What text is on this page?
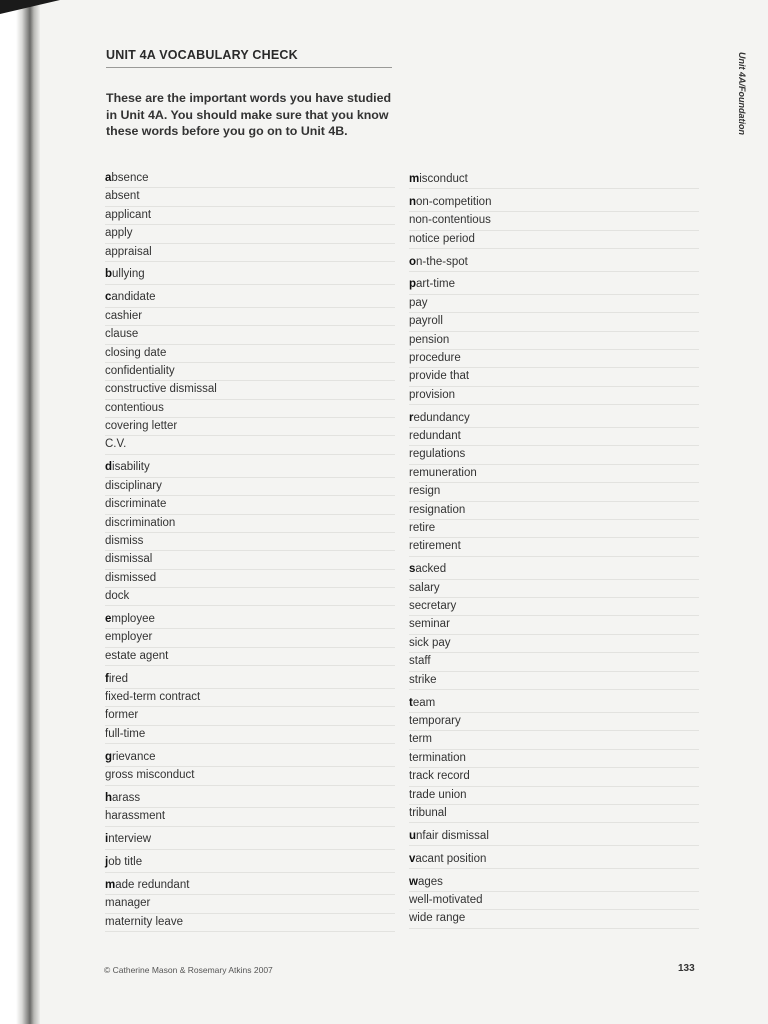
UNIT 4A VOCABULARY CHECK
These are the important words you have studied in Unit 4A. You should make sure that you know these words before you go on to Unit 4B.	Unit 4A/Foundation
absence
absent
applicant
apply
appraisal
bullying
candidate
cashier
clause
closing date
confidentiality
constructive dismissal
contentious
covering letter
C.V.
disability
disciplinary
discriminate
discrimination
dismiss
dismissal
dismissed
dock
employee
employer
estate agent
fired
fixed-term contract
former
full-time
grievance
gross misconduct
harass
harassment
interview
job title
made redundant
manager
maternity leave
misconduct
non-competition
non-contentious
notice period
on-the-spot
part-time
pay
payroll
pension
procedure
provide that
provision
redundancy
redundant
regulations
remuneration
resign
resignation
retire
retirement
sacked
salary
secretary
seminar
sick pay
staff
strike
team
temporary
term
termination
track record
trade union
tribunal
unfair dismissal
vacant position
wages
well-motivated
wide range
© Catherine Mason & Rosemary Atkins 2007	133
